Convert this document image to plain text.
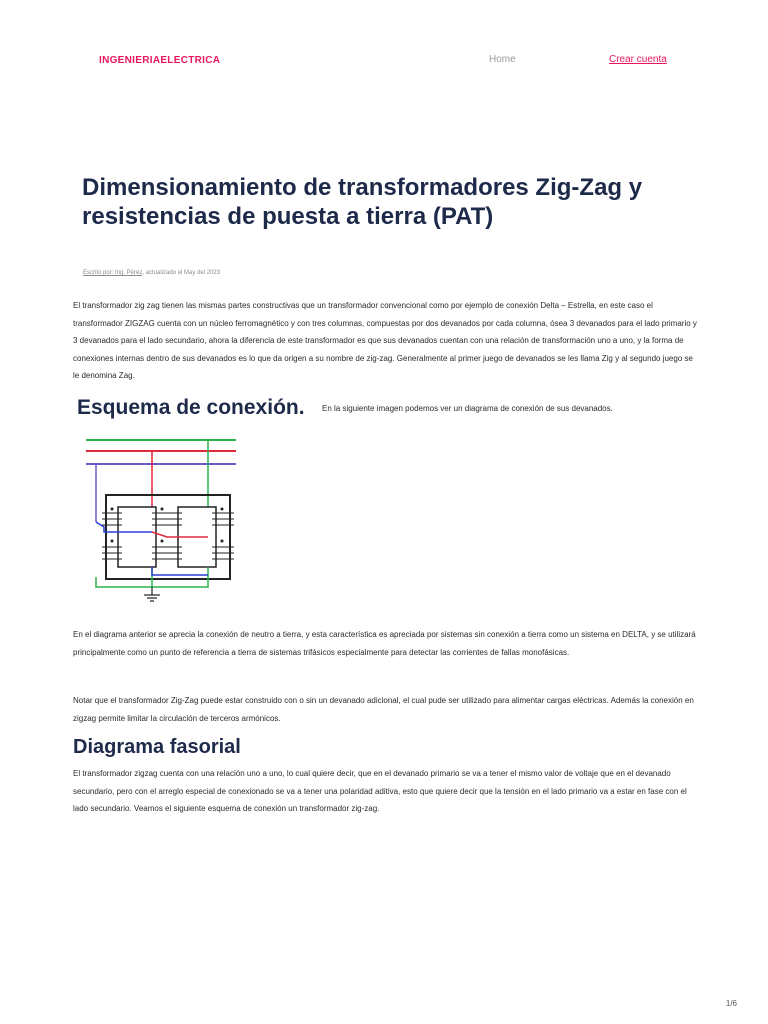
INGENIERIAELECTRICA	Home	Crear cuenta
Dimensionamiento de transformadores Zig-Zag y resistencias de puesta a tierra (PAT)
Escrito por: Ing. Pérez, actualizado el May del 2023

El transformador zig zag tienen las mismas partes constructivas que un transformador convencional como por ejemplo de conexión Delta – Estrella, en este caso el transformador ZIGZAG cuenta con un núcleo ferromagnético y con tres columnas, compuestas por dos devanados por cada columna, ósea 3 devanados para el lado primario y 3 devanados para el lado secundario, ahora la diferencia de este transformador es que sus devanados cuentan con una relación de transformación uno a uno, y la forma de conexiones internas dentro de sus devanados es lo que da origen a su nombre de zig-zag. Generalmente al primer juego de devanados se les llama Zig y al segundo juego se le denomina Zag.

Esquema de conexión. En la siguiente imagen podemos ver un diagrama de conexión de sus devanados.

En el diagrama anterior se aprecia la conexión de neutro a tierra, y esta característica es apreciada por sistemas sin conexión a tierra como un sistema en DELTA, y se utilizará principalmente como un punto de referencia a tierra de sistemas trifásicos especialmente para detectar las corrientes de fallas monofásicas.

Notar que el transformador Zig-Zag puede estar construido con o sin un devanado adicional, el cual pude ser utilizado para alimentar cargas eléctricas. Además la conexión en zigzag permite limitar la circulación de terceros armónicos.

Diagrama fasorial

El transformador zigzag cuenta con una relación uno a uno, lo cual quiere decir, que en el devanado primario se va a tener el mismo valor de voltaje que en el devanado secundario, pero con el arreglo especial de conexionado se va a tener una polaridad aditiva, esto que quiere decir que la tensión en el lado primario va a estar en fase con el lado secundario. Veamos el siguiente esquema de conexión un transformador zig-zag.

1/6
